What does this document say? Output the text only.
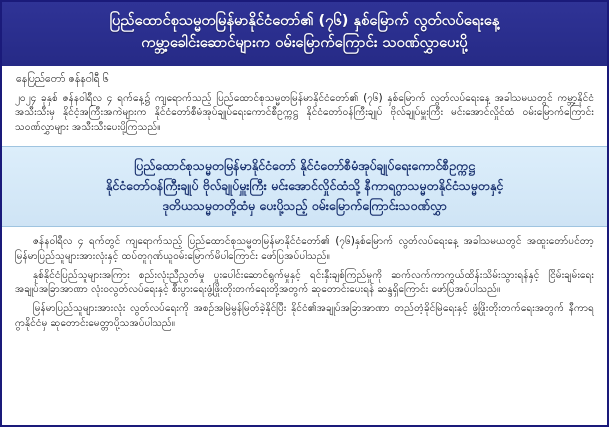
ပြည်ထောင်စုသမ္မတမြန်မာနိုင်ငံတော်၏ (၇၆) နှစ်မြောက် လွတ်လပ်ရေးနေ့
ကမ္ဘာ့ခေါင်းဆောင်များက ဝမ်းမြောက်ကြောင်း သဝဏ်လွှာပေးပို့
နေပြည်တော် ဇန်နဝါရီ ၆

၂၀၂၄ ခုနှစ် ဇန်နဝါရီလ ၄ ရက်နေ့၌ ကျရောက်သည့် ပြည်ထောင်စုသမ္မတမြန်မာနိုင်ငံတော်၏ (၇၆) နှစ်မြောက် လွတ်လပ်ရေးနေ့ အခါသမယတွင် ကမ္ဘာ့နိုင်ငံအသီးသီးမှ နိုင်ငံ့အကြီးအကဲများက နိုင်ငံတော်စီမံအုပ်ချုပ်ရေးကောင်စီဥက္ကဋ္ဌ နိုင်ငံတော်ဝန်ကြီးချုပ် ဗိုလ်ချုပ်မှူးကြီး မင်းအောင်လှိုင်ထံ ဝမ်းမြောက်ကြောင်း သဝဏ်လွှာများ အသီးသီးပေးပို့ကြသည်။

ပြည်ထောင်စုသမ္မတမြန်မာနိုင်ငံတော် နိုင်ငံတော်စီမံအုပ်ချုပ်ရေးကောင်စီဥက္ကဋ္ဌ
နိုင်ငံတော်ဝန်ကြီးချုပ် ဗိုလ်ချုပ်မှူးကြီး မင်းအောင်လှိုင်ထံသို့ နီကာရဂွာသမ္မတနိုင်ငံသမ္မတနှင့်
ဒုတိယသမ္မတတို့ထံမှ ပေးပို့သည့် ဝမ်းမြောက်ကြောင်းသဝဏ်လွှာ

ဇန်နဝါရီလ ၄ ရက်တွင် ကျရောက်သည့် ပြည်ထောင်စုသမ္မတမြန်မာနိုင်ငံတော်၏ (၇၆)နှစ်မြောက် လွတ်လပ်ရေးနေ့ အခါသမယတွင် အထူးတော်ပင်တာ့ မြန်မာပြည်သူများအားလုံးနှင့် ထပ်တူဂုဏ်ယူဝမ်းမြောက်မိပါကြောင်း ဖော်ပြအပ်ပါသည်။

နှစ်နိုင်ငံပြည်သူများအကြား စည်းလုံးညီညွတ်မှု ပူးပေါင်းဆောင်ရွက်မှုနှင့် ရင်းနှီးချစ်ကြည်မှုကို ဆက်လက်ကာကွယ်ထိန်းသိမ်းသွားရန်နှင့် ငြိမ်းချမ်းရေး အချုပ်အခြာအာဏာ လုံးဝလွတ်လပ်ရေးနှင့် စီးပွားရေးဖွံ့ဖြိုးတိုးတက်ရေးတို့အတွက် ဆုတောင်းပေးရန် ဆန္ဒရှိကြောင်း ဖော်ပြအပ်ပါသည်။

မြန်မာပြည်သူများအားလုံး လွတ်လပ်ရေးကို အစဉ်အမြဲမွန်မြတ်ခဲ့နိုင်ပြီး နိုင်ငံ၏အချုပ်အခြာအာဏာ တည်တံ့ခိုင်မြဲရေးနှင့် ဖွံ့ဖြိုးတိုးတက်ရေးအတွက် နီကာရဂွာနိုင်ငံမှ ဆုတောင်းမေတ္တာပို့သအပ်ပါသည်။
